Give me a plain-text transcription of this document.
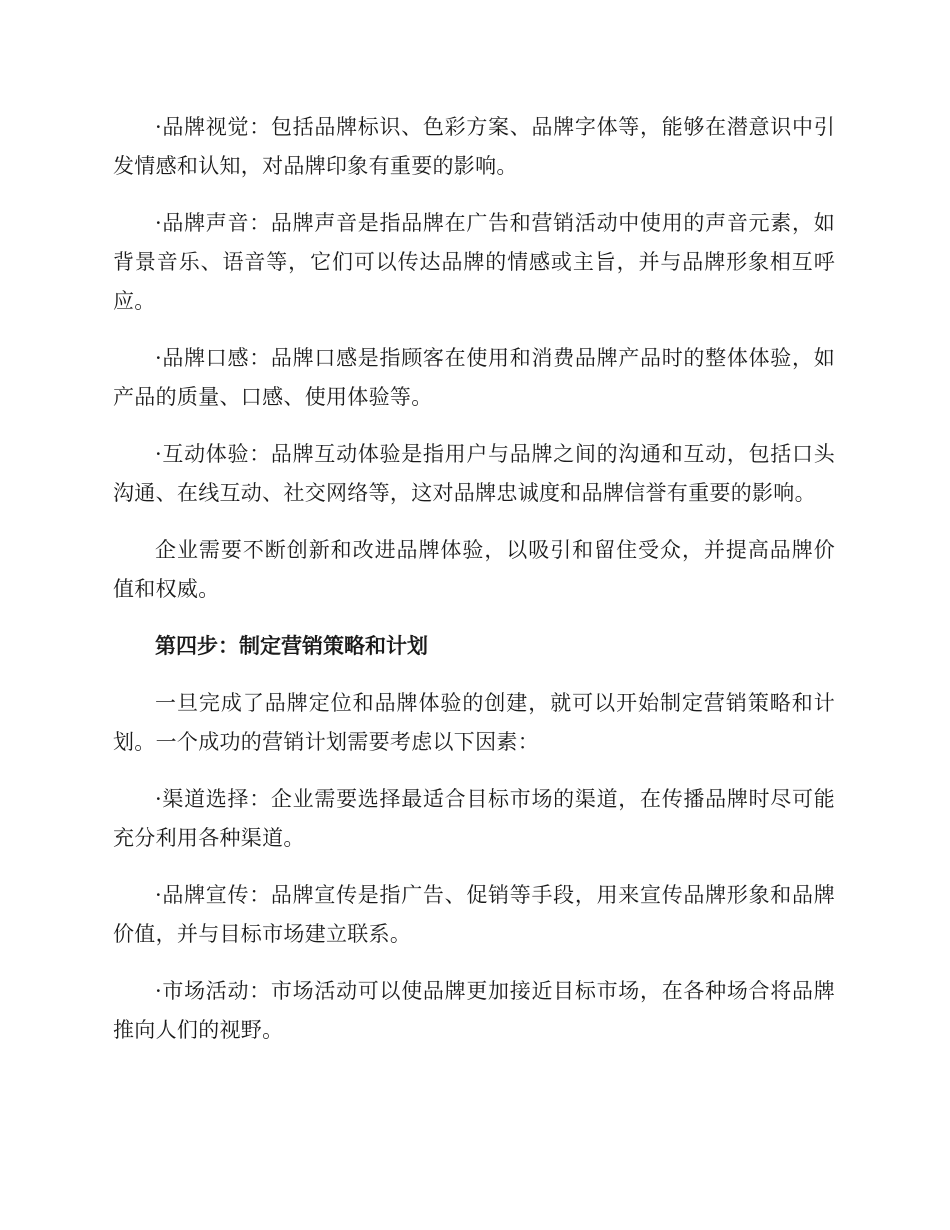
·品牌视觉：包括品牌标识、色彩方案、品牌字体等，能够在潜意识中引发情感和认知，对品牌印象有重要的影响。

·品牌声音：品牌声音是指品牌在广告和营销活动中使用的声音元素，如背景音乐、语音等，它们可以传达品牌的情感或主旨，并与品牌形象相互呼应。

·品牌口感：品牌口感是指顾客在使用和消费品牌产品时的整体体验，如产品的质量、口感、使用体验等。

·互动体验：品牌互动体验是指用户与品牌之间的沟通和互动，包括口头沟通、在线互动、社交网络等，这对品牌忠诚度和品牌信誉有重要的影响。

企业需要不断创新和改进品牌体验，以吸引和留住受众，并提高品牌价值和权威。

第四步：制定营销策略和计划

一旦完成了品牌定位和品牌体验的创建，就可以开始制定营销策略和计划。一个成功的营销计划需要考虑以下因素：

·渠道选择：企业需要选择最适合目标市场的渠道，在传播品牌时尽可能充分利用各种渠道。

·品牌宣传：品牌宣传是指广告、促销等手段，用来宣传品牌形象和品牌价值，并与目标市场建立联系。

·市场活动：市场活动可以使品牌更加接近目标市场，在各种场合将品牌推向人们的视野。
